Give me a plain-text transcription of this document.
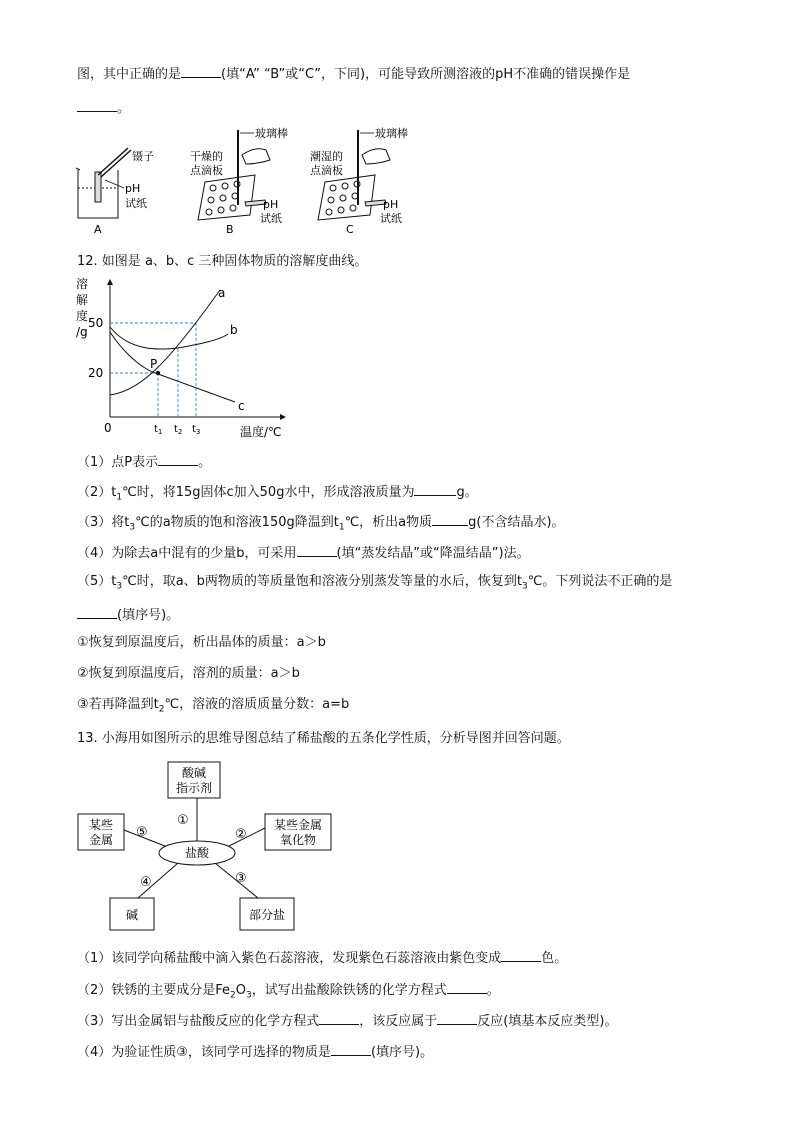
图，其中正确的是	(填“A” “B”或“C”，下同)，可能导致所测溶液的pH不准确的错误操作是
。
镊子
pH
试纸
A
玻璃棒
干燥的
点滴板
pH
试纸
B
玻璃棒
潮湿的
点滴板
pH
试纸
C
12. 如图是 a、b、c 三种固体物质的溶解度曲线。
溶
解
度
/g
0
50
20
P
a
b
c
$t_1$ $t_2$ $t_3$	温度/℃
（1）点P表示	。
$(2)t_1℃$时，将15g固体c加入50g水中，形成溶液质量为	g。
（3）将$t_3℃$的a物质的饱和溶液150g降温到$t_1℃$，析出a物质	g(不含结晶水)。
（4）为除去a中混有的少量b，可采用	(填“蒸发结晶”或“降温结晶”)法。
$(5)t_3℃$时，取a、b两物质的等质量饱和溶液分别蒸发等量的水后，恢复到$t_3℃$。下列说法不正确的是
(填序号)。
①恢复到原温度后，析出晶体的质量：a＞b
②恢复到原温度后，溶剂的质量：a＞b
③若再降温到$t_2℃$，溶液的溶质质量分数：a=b
13. 小海用如图所示的思维导图总结了稀盐酸的五条化学性质，分析导图并回答问题。
酸碱
指示剂
某些
金属
某些金属
氧化物
盐酸
碱	部分盐
①
②
③
④
⑤
（1）该同学向稀盐酸中滴入紫色石蕊溶液，发现紫色石蕊溶液由紫色变成	色。
（2）铁锈的主要成分是$Fe_2O_3$，试写出盐酸除铁锈的化学方程式	。
（3）写出金属铝与盐酸反应的化学方程式	，该反应属于	反应(填基本反应类型)。
（4）为验证性质③，该同学可选择的物质是	(填序号)。
